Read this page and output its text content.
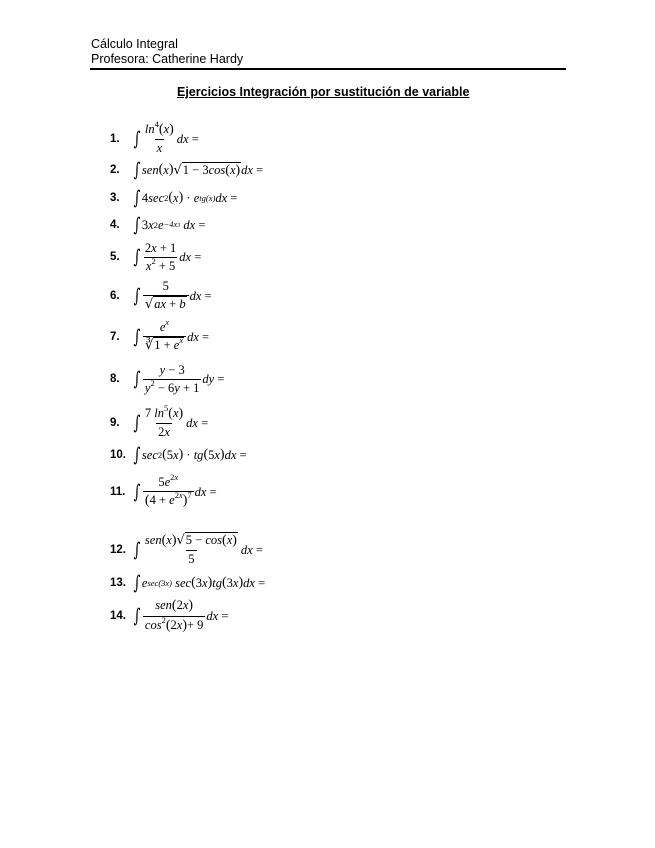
Cálculo Integral
Profesora: Catherine Hardy
Ejercicios Integración por sustitución de variable
1. ∫ $\frac{\ln^4(x)}{x}$ dx =
2. ∫ sen ( x ) √ 1 − 3cos(x) dx =
3. ∫ 4 sec 2 ( x ) · e tg(x) dx =
4. ∫ 3 x 2 e −4x3 dx =
5. ∫ $\frac{2x + 1}{x^2 + 5}$ dx =
6. ∫ $\frac{5}{√ax + b}$ dx =
7. ∫ $\frac{e^x}{∛1 + e^x}$ dx =
8. ∫ $\frac{y - 3}{y^2 - 6y + 1}$ dy =
9. ∫ $\frac{7 \ln^5(x)}{2x}$ dx =
10. ∫ sec 2 ( 5 x ) · tg ( 5 x ) dx =
11. ∫ $\frac{5e^{2x}}{(4 + e^{2x})^7}$ dx =
12. ∫ $\frac{\text{sen(x)√5 − cos(x)}}{5}$ dx =
13. ∫ e sec(3x) sec ( 3 x ) tg ( 3 x ) dx =
14. ∫ $\frac{\text{sen(2x)}}{\cos^2(2x)+ 9}$ dx =
